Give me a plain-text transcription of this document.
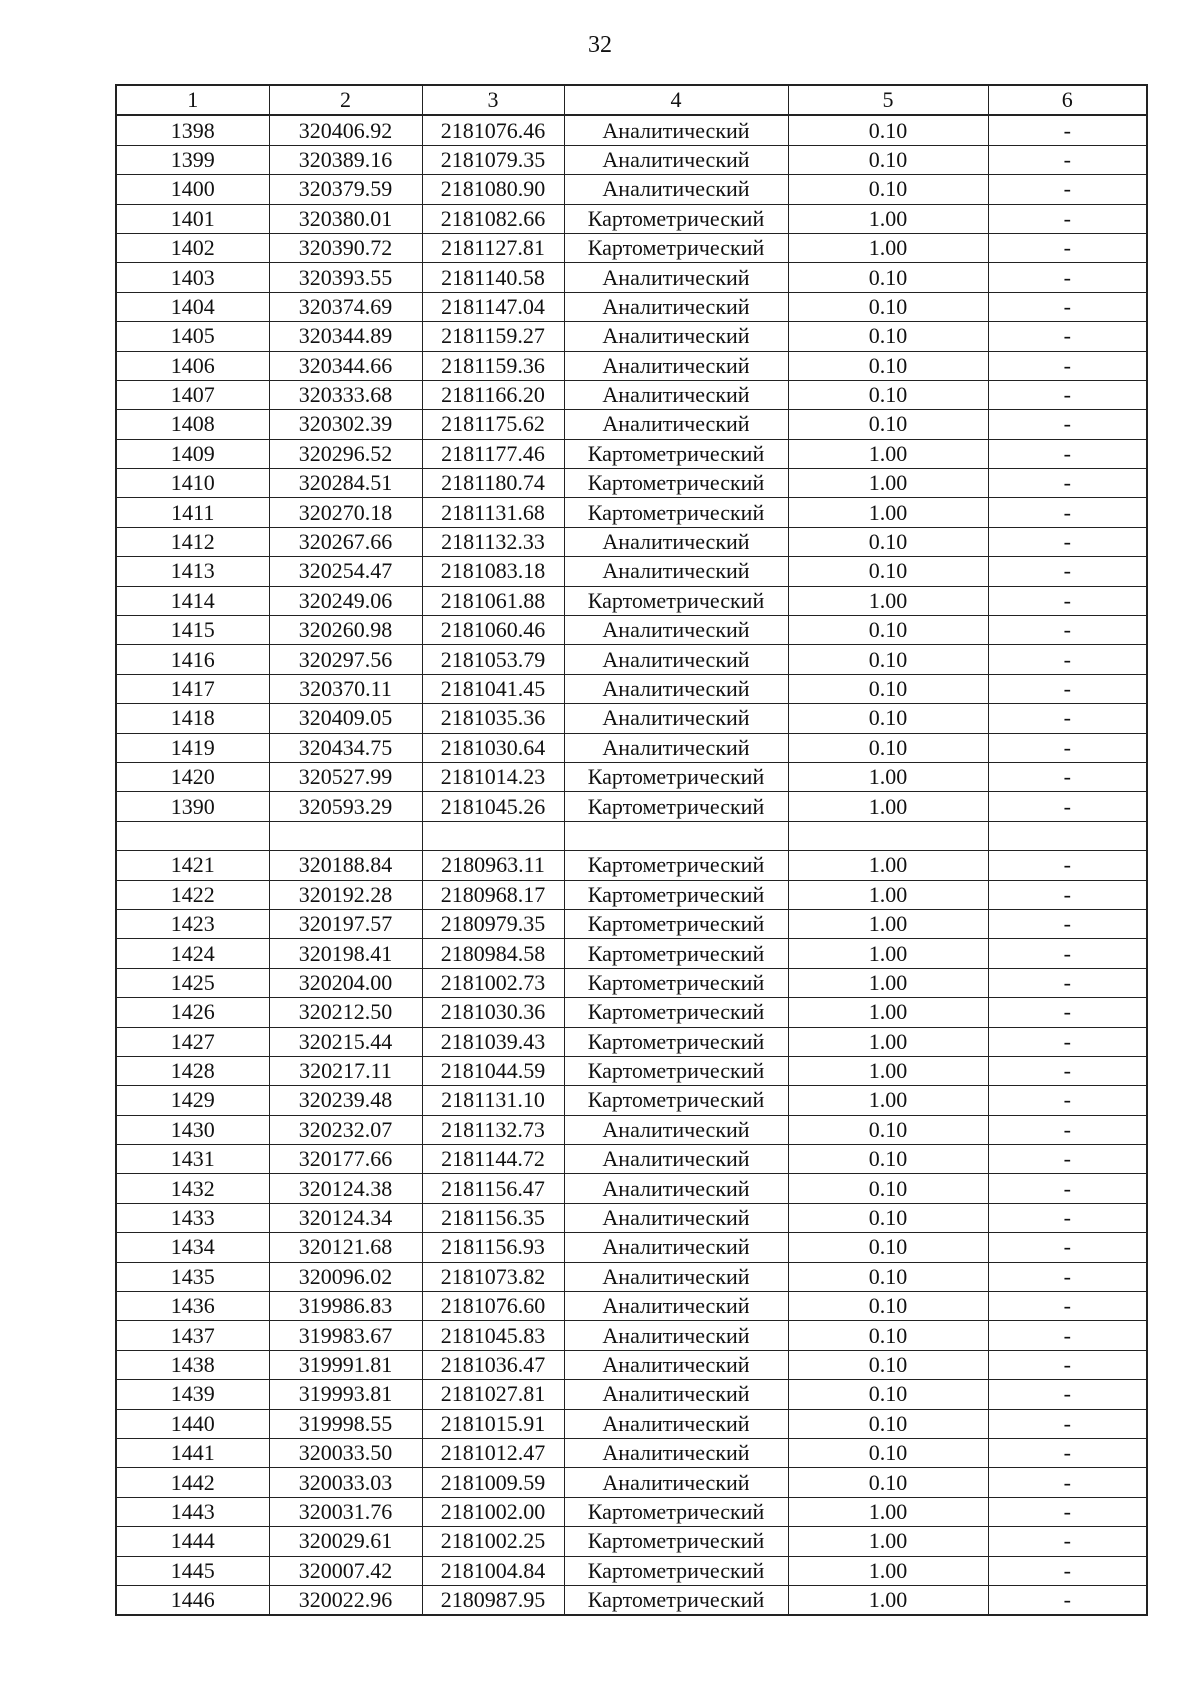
32
1	2	3	4	5	6
1398	320406.92	2181076.46	Аналитический	0.10	-
1399	320389.16	2181079.35	Аналитический	0.10	-
1400	320379.59	2181080.90	Аналитический	0.10	-
1401	320380.01	2181082.66	Картометрический	1.00	-
1402	320390.72	2181127.81	Картометрический	1.00	-
1403	320393.55	2181140.58	Аналитический	0.10	-
1404	320374.69	2181147.04	Аналитический	0.10	-
1405	320344.89	2181159.27	Аналитический	0.10	-
1406	320344.66	2181159.36	Аналитический	0.10	-
1407	320333.68	2181166.20	Аналитический	0.10	-
1408	320302.39	2181175.62	Аналитический	0.10	-
1409	320296.52	2181177.46	Картометрический	1.00	-
1410	320284.51	2181180.74	Картометрический	1.00	-
1411	320270.18	2181131.68	Картометрический	1.00	-
1412	320267.66	2181132.33	Аналитический	0.10	-
1413	320254.47	2181083.18	Аналитический	0.10	-
1414	320249.06	2181061.88	Картометрический	1.00	-
1415	320260.98	2181060.46	Аналитический	0.10	-
1416	320297.56	2181053.79	Аналитический	0.10	-
1417	320370.11	2181041.45	Аналитический	0.10	-
1418	320409.05	2181035.36	Аналитический	0.10	-
1419	320434.75	2181030.64	Аналитический	0.10	-
1420	320527.99	2181014.23	Картометрический	1.00	-
1390	320593.29	2181045.26	Картометрический	1.00	-

1421	320188.84	2180963.11	Картометрический	1.00	-
1422	320192.28	2180968.17	Картометрический	1.00	-
1423	320197.57	2180979.35	Картометрический	1.00	-
1424	320198.41	2180984.58	Картометрический	1.00	-
1425	320204.00	2181002.73	Картометрический	1.00	-
1426	320212.50	2181030.36	Картометрический	1.00	-
1427	320215.44	2181039.43	Картометрический	1.00	-
1428	320217.11	2181044.59	Картометрический	1.00	-
1429	320239.48	2181131.10	Картометрический	1.00	-
1430	320232.07	2181132.73	Аналитический	0.10	-
1431	320177.66	2181144.72	Аналитический	0.10	-
1432	320124.38	2181156.47	Аналитический	0.10	-
1433	320124.34	2181156.35	Аналитический	0.10	-
1434	320121.68	2181156.93	Аналитический	0.10	-
1435	320096.02	2181073.82	Аналитический	0.10	-
1436	319986.83	2181076.60	Аналитический	0.10	-
1437	319983.67	2181045.83	Аналитический	0.10	-
1438	319991.81	2181036.47	Аналитический	0.10	-
1439	319993.81	2181027.81	Аналитический	0.10	-
1440	319998.55	2181015.91	Аналитический	0.10	-
1441	320033.50	2181012.47	Аналитический	0.10	-
1442	320033.03	2181009.59	Аналитический	0.10	-
1443	320031.76	2181002.00	Картометрический	1.00	-
1444	320029.61	2181002.25	Картометрический	1.00	-
1445	320007.42	2181004.84	Картометрический	1.00	-
1446	320022.96	2180987.95	Картометрический	1.00	-
